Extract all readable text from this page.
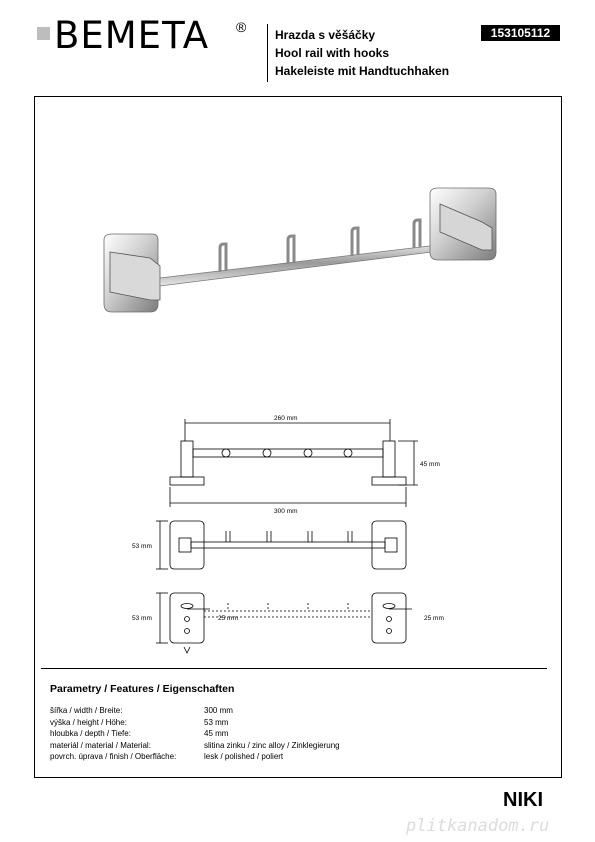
BEMETA ® Hrazda s věšáčky
Hool rail with hooks
Hakeleiste mit Handtuchhaken
153105112
260 mm
45 mm
300 mm
53 mm
53 mm	25 mm	25 mm
Parametry / Features / Eigenschaften
šířka / width / Breite:	300 mm
výška / height / Höhe:	53 mm
hloubka / depth / Tiefe:	45 mm
materiál / material / Material:	slitina zinku / zinc alloy / Zinklegierung
povrch. úprava / finish / Oberfläche:	lesk / polished / poliert
NIKI
plitkanadom.ru
